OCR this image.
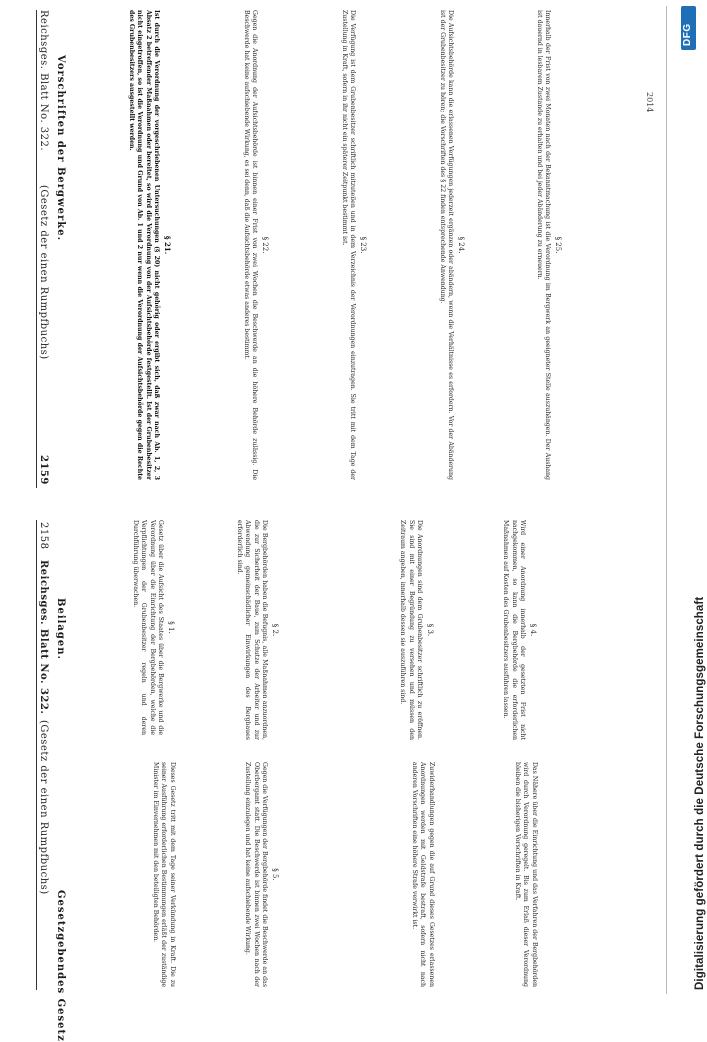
2158
Reichsges. Blatt No. 322.
(Gesetz der einen Rumpfbuchs)
Reichsges. Blatt No. 322.
(Gesetz der einen Rumpfbuchs)
2159
Vorschriften der Bergwerke.
Beilagen.
Gesetzgebendes Gesetz
§ 21.
Ist durch die Verordnung der vorgeschriebenen Untersuchungen (§ 20) nicht gehörig oder ergibt sich, daß zwar nach Ab. 1, 2, 3 Absatz 2 betreffender Maßnahmen oder bereitet, so wird die Verordnung von der Aufsichtsbehörde festgestellt. Ist der Grubenbesitzer nicht eingetroffen, so ist die Verordnung und Grund von Ab. 1 und 2 nur wenn die Verordnung der Aufsichtsbehörde gegen die Rechte des Grubenbesitzers ausgestellt werden.
§ 22.
Gegen die Anordnung der Aufsichtsbehörde ist binnen einer Frist von zwei Wochen die Beschwerde an die höhere Behörde zulässig. Die Beschwerde hat keine aufschiebende Wirkung, es sei denn, daß die Aufsichtsbehörde etwas anderes bestimmt.	§ 23.
Die Verfügung ist dem Grubenbesitzer schriftlich mitzuteilen und in dem Verzeichnis der Verordnungen einzutragen. Sie tritt mit dem Tage der Zustellung in Kraft, sofern in ihr nicht ein späterer Zeitpunkt bestimmt ist.	§ 24.
Die Aufsichtsbehörde kann die erlassenen Verfügungen jederzeit ergänzen oder abändern, wenn die Verhältnisse es erfordern. Vor der Abänderung ist der Grubenbesitzer zu hören; die Vorschriften des § 22 finden entsprechende Anwendung.	§ 25.
Innerhalb der Frist von zwei Monaten nach der Bekanntmachung ist die Verordnung im Bergwerk an geeigneter Stelle auszuhängen. Der Aushang ist dauernd in lesbarem Zustande zu erhalten und bei jeder Abänderung zu erneuern.	2014
§ 1.
Gesetz über die Aufsicht des Staates über die Bergwerke und die Verordnung über die Einrichtung der Bergbehörden, welche die Verpflichtungen der Grubenbesitzer regeln und deren Durchführung überwachen.
§ 2.
Die Bergbehörden haben die Befugnis, alle Maßnahmen anzuordnen, die zur Sicherheit der Baue, zum Schutze der Arbeiter und zur Abwendung gemeinschädlicher Einwirkungen des Bergbaues erforderlich sind.
§ 3.
Die Anordnungen sind dem Grubenbesitzer schriftlich zu eröffnen. Sie sind mit einer Begründung zu versehen und müssen den Zeitraum angeben, innerhalb dessen sie auszuführen sind.	§ 4.
Wird einer Anordnung innerhalb der gesetzten Frist nicht nachgekommen, so kann die Bergbehörde die erforderlichen Maßnahmen auf Kosten des Grubenbesitzers ausführen lassen.
Dieses Gesetz tritt mit dem Tage seiner Verkündung in Kraft. Die zu seiner Ausführung erforderlichen Bestimmungen erläßt der zuständige Minister im Einvernehmen mit den beteiligten Behörden.	§ 5.
Gegen die Verfügungen der Bergbehörde findet die Beschwerde an das Oberbergamt statt. Die Beschwerde ist binnen zwei Wochen nach der Zustellung einzulegen und hat keine aufschiebende Wirkung.	Zuwiderhandlungen gegen die auf Grund dieses Gesetzes erlassenen Anordnungen werden mit Geldstrafe bestraft, sofern nicht nach anderen Vorschriften eine höhere Strafe verwirkt ist.	Das Nähere über die Einrichtung und das Verfahren der Bergbehörden wird durch Verordnung geregelt. Bis zum Erlaß dieser Verordnung bleiben die bisherigen Vorschriften in Kraft.
DFG
Digitalisierung gefördert durch die Deutsche Forschungsgemeinschaft
